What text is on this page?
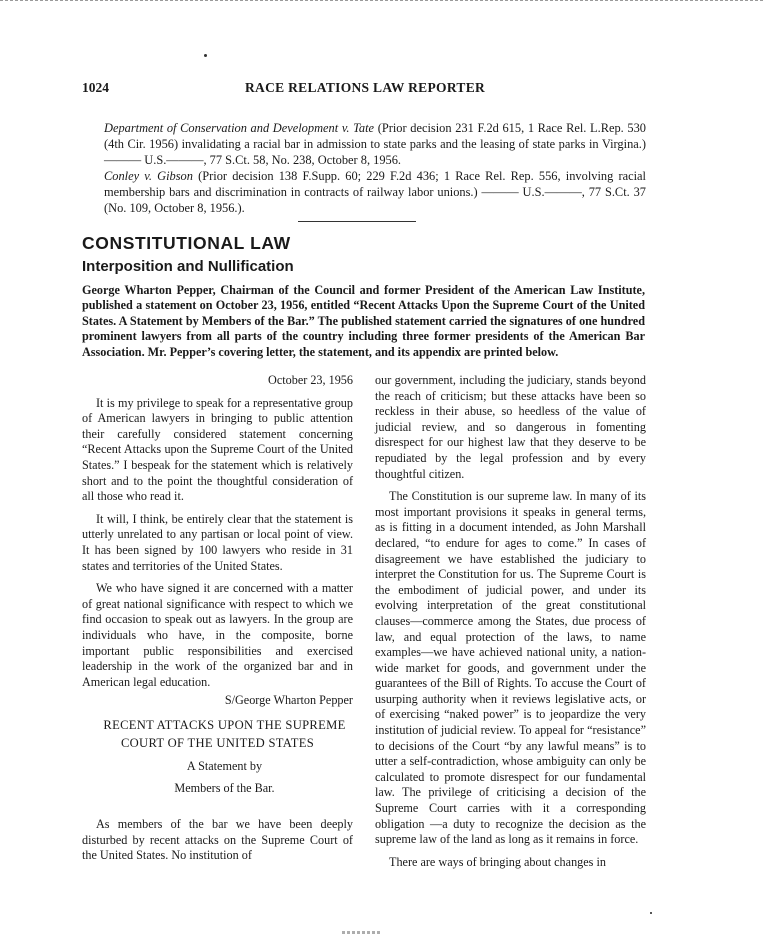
1024	RACE RELATIONS LAW REPORTER

Department of Conservation and Development v. Tate (Prior decision 231 F.2d 615, 1 Race Rel. L.Rep. 530 (4th Cir. 1956) invalidating a racial bar in admission to state parks and the leasing of state parks in Virgina.) ——— U.S.———, 77 S.Ct. 58, No. 238, October 8, 1956.

Conley v. Gibson (Prior decision 138 F.Supp. 60; 229 F.2d 436; 1 Race Rel. Rep. 556, involving racial membership bars and discrimination in contracts of railway labor unions.) ——— U.S.———, 77 S.Ct. 37 (No. 109, October 8, 1956.).

CONSTITUTIONAL LAW
Interposition and Nullification

George Wharton Pepper, Chairman of the Council and former President of the American Law Institute, published a statement on October 23, 1956, entitled “Recent Attacks Upon the Supreme Court of the United States. A Statement by Members of the Bar.” The published statement carried the signatures of one hundred prominent lawyers from all parts of the country including three former presidents of the American Bar Association. Mr. Pepper’s covering letter, the statement, and its appendix are printed below.

October 23, 1956

It is my privilege to speak for a representative group of American lawyers in bringing to public attention their carefully considered statement concerning “Recent Attacks upon the Supreme Court of the United States.” I bespeak for the statement which is relatively short and to the point the thoughtful consideration of all those who read it.

It will, I think, be entirely clear that the statement is utterly unrelated to any partisan or local point of view. It has been signed by 100 lawyers who reside in 31 states and territories of the United States.

We who have signed it are concerned with a matter of great national significance with respect to which we find occasion to speak out as lawyers. In the group are individuals who have, in the composite, borne important public responsibilities and exercised leadership in the work of the organized bar and in American legal education.

S/George Wharton Pepper

RECENT ATTACKS UPON THE SUPREME COURT OF THE UNITED STATES

A Statement by

Members of the Bar.

As members of the bar we have been deeply disturbed by recent attacks on the Supreme Court of the United States. No institution of

our government, including the judiciary, stands beyond the reach of criticism; but these attacks have been so reckless in their abuse, so heedless of the value of judicial review, and so dangerous in fomenting disrespect for our highest law that they deserve to be repudiated by the legal profession and by every thoughtful citizen.

The Constitution is our supreme law. In many of its most important provisions it speaks in general terms, as is fitting in a document intended, as John Marshall declared, “to endure for ages to come.” In cases of disagreement we have established the judiciary to interpret the Constitution for us. The Supreme Court is the embodiment of judicial power, and under its evolving interpretation of the great constitutional clauses—commerce among the States, due process of law, and equal protection of the laws, to name examples—we have achieved national unity, a nation-wide market for goods, and government under the guarantees of the Bill of Rights. To accuse the Court of usurping authority when it reviews legislative acts, or of exercising “naked power” is to jeopardize the very institution of judicial review. To appeal for “resistance” to decisions of the Court “by any lawful means” is to utter a self-contradiction, whose ambiguity can only be calculated to promote disrespect for our fundamental law. The privilege of criticising a decision of the Supreme Court carries with it a corresponding obligation —a duty to recognize the decision as the supreme law of the land as long as it remains in force.

There are ways of bringing about changes in
